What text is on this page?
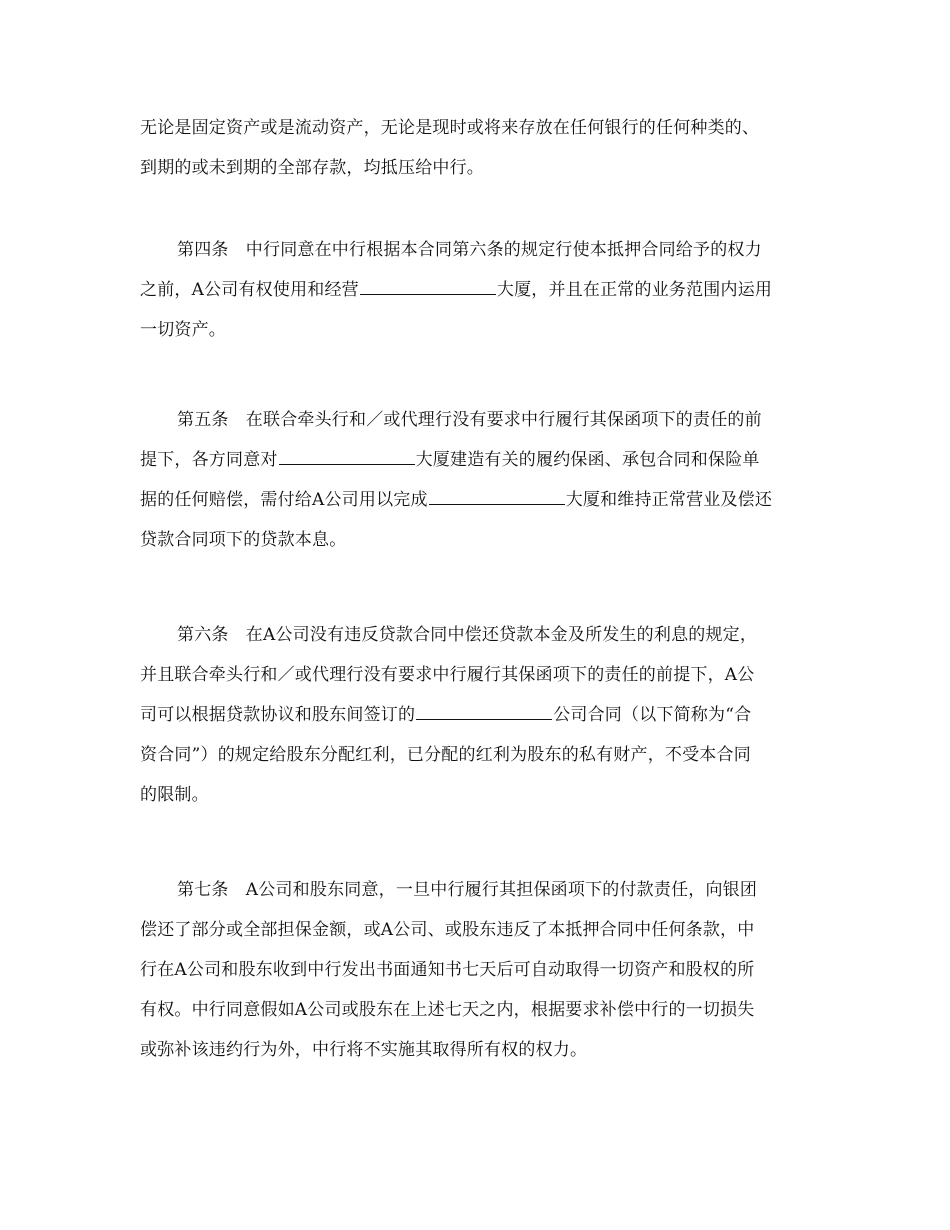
无论是固定资产或是流动资产，无论是现时或将来存放在任何银行的任何种类的、
到期的或未到期的全部存款，均抵压给中行。
第四条　中行同意在中行根据本合同第六条的规定行使本抵押合同给予的权力
之前，A公司有权使用和经营	大厦，并且在正常的业务范围内运用
一切资产。
第五条　在联合牵头行和／或代理行没有要求中行履行其保函项下的责任的前
提下，各方同意对	大厦建造有关的履约保函、承包合同和保险单
据的任何赔偿，需付给A公司用以完成	大厦和维持正常营业及偿还
贷款合同项下的贷款本息。
第六条　在A公司没有违反贷款合同中偿还贷款本金及所发生的利息的规定，
并且联合牵头行和／或代理行没有要求中行履行其保函项下的责任的前提下，A公
司可以根据贷款协议和股东间签订的	公司合同（以下简称为“合
资合同”）的规定给股东分配红利，已分配的红利为股东的私有财产，不受本合同
的限制。
第七条　A公司和股东同意，一旦中行履行其担保函项下的付款责任，向银团
偿还了部分或全部担保金额，或A公司、或股东违反了本抵押合同中任何条款，中
行在A公司和股东收到中行发出书面通知书七天后可自动取得一切资产和股权的所
有权。中行同意假如A公司或股东在上述七天之内，根据要求补偿中行的一切损失
或弥补该违约行为外，中行将不实施其取得所有权的权力。
